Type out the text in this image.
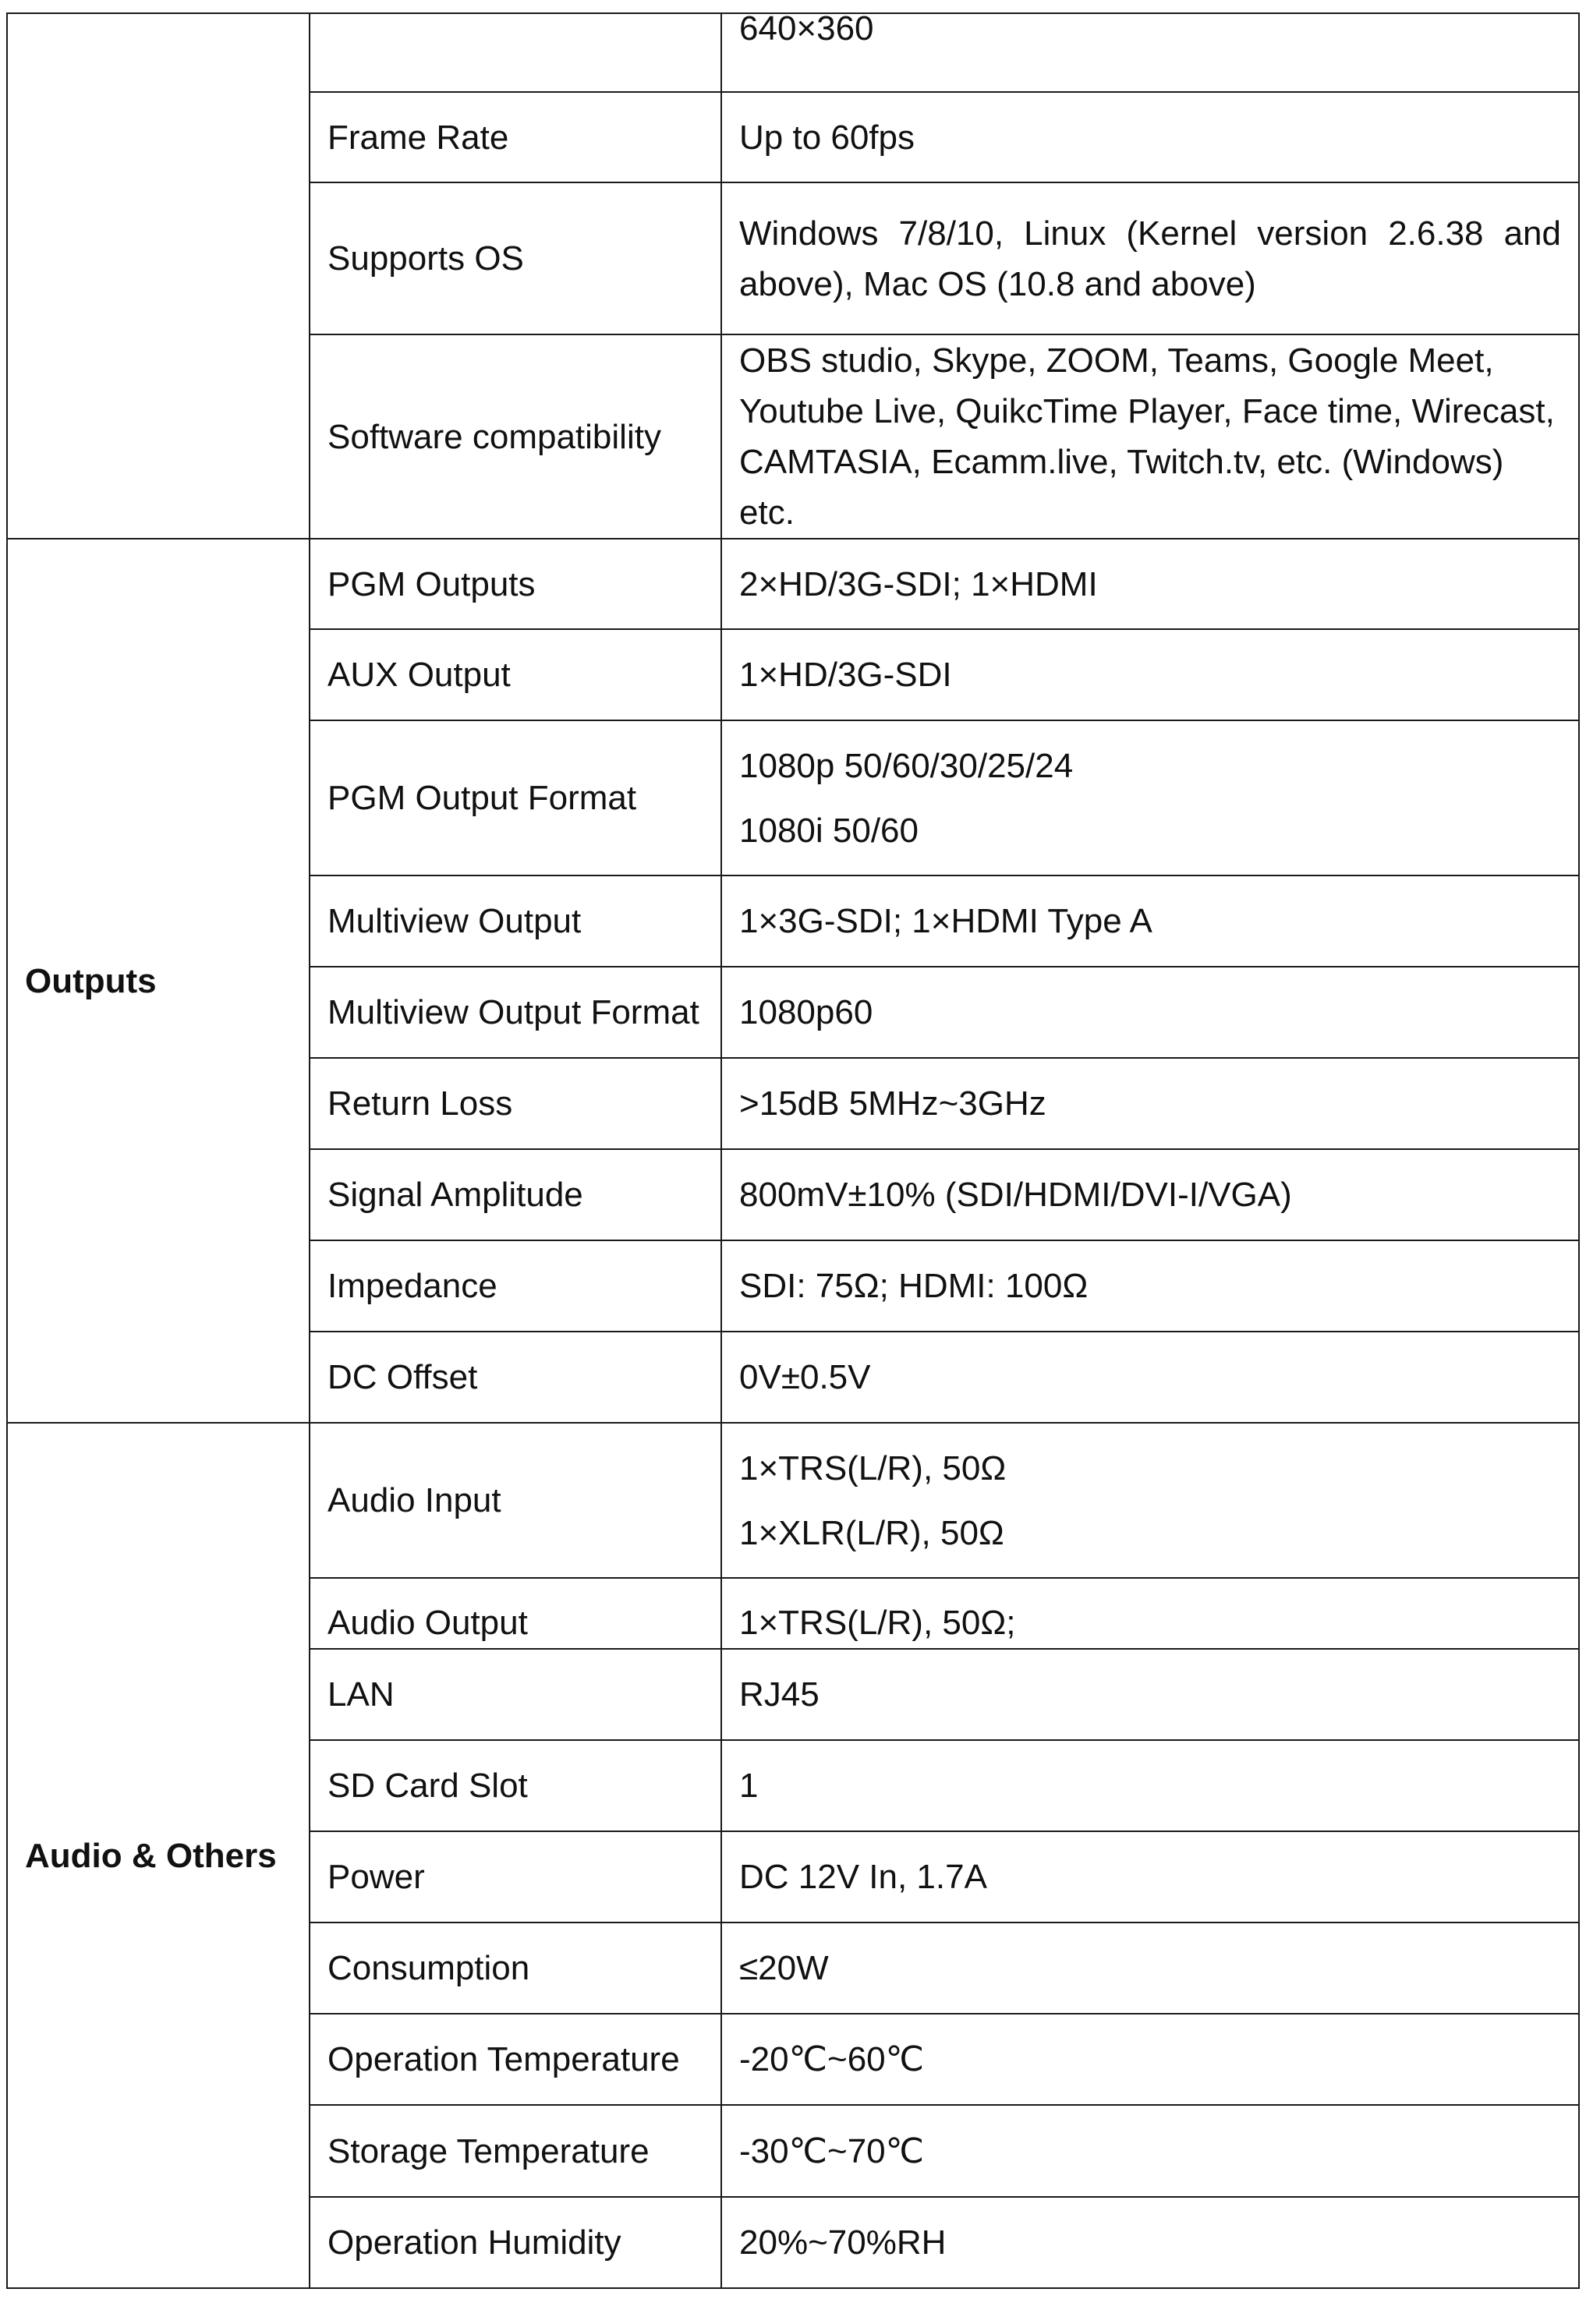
		640×360
	Frame Rate	Up to 60fps
	Supports OS	Windows 7/8/10, Linux (Kernel version 2.6.38 and above), Mac OS (10.8 and above)
	Software compatibility	OBS studio, Skype, ZOOM, Teams, Google Meet, Youtube Live, QuikcTime Player, Face time, Wirecast, CAMTASIA, Ecamm.live, Twitch.tv, etc. (Windows) etc.
Outputs	PGM Outputs	2×HD/3G-SDI; 1×HDMI
	AUX Output	1×HD/3G-SDI
	PGM Output Format	1080p 50/60/30/25/24
1080i 50/60

	Multiview Output	1×3G-SDI; 1×HDMI Type A
	Multiview Output Format	1080p60
	Return Loss	>15dB 5MHz~3GHz
	Signal Amplitude	800mV±10% (SDI/HDMI/DVI-I/VGA)
	Impedance	SDI: 75Ω; HDMI: 100Ω
	DC Offset	0V±0.5V
Audio & Others	Audio Input	1×TRS(L/R), 50Ω
1×XLR(L/R), 50Ω

	Audio Output	1×TRS(L/R), 50Ω;
	LAN	RJ45
	SD Card Slot	1
	Power	DC 12V In, 1.7A
	Consumption	≤20W
	Operation Temperature	-20℃~60℃
	Storage Temperature	-30℃~70℃
	Operation Humidity	20%~70%RH
